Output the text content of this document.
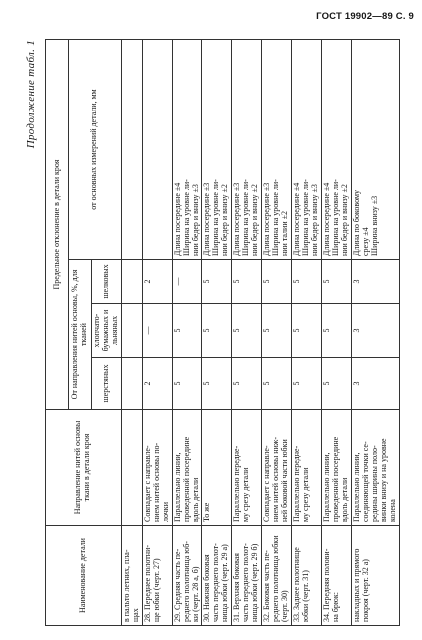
ГОСТ 19902—89 С. 9
Продолжение табл. 1
Наименование детали	Направление нитей основы ткани в детали кроя	Предельное отклонение в детали кроя			
		От направления нитей основы, %, для тканей			от основных измерений детали, мм
		шерстяных	хлопчато-бумажных и льняных	шелковых	
в пальто летних, пла-
щах					
28. Переднее полотни-
ще юбки (черт. 27)	Совпадает с направле-
нием нитей основы по-
лочки	2	—	2	
29. Средняя часть пе-
реднего полотнища юб-
ки (черт. 28 а, б)	Параллельно линии,
проведенной посередине
вдоль детали	5	5	—	Длина посередине ±4
Ширина на уровне ли-
нии бедер и внизу ±3
30. Нижняя боковая
часть переднего полот-
нища юбки (черт. 29 а)	То же	5	5	5	Длина посередине ±3
Ширина на уровне ли-
нии бедер и внизу ±2
31. Верхняя боковая
часть переднего полот-
нища юбки (черт. 29 б)	Параллельно передне-
му срезу детали	5	5	5	Длина посередине ±3
Ширина на уровне ли-
нии бедер и внизу ±2
32. Боковая часть пе-
реднего полотнища юбки
(черт. 30)	Совпадает с направле-
нием нитей основы ниж-
ней боковой части юбки	5	5	5	Длина посередине ±3
Ширина на уровне ли-
нии талии ±2
33. Заднее полотнище
юбки (черт. 31)	Параллельно передне-
му срезу детали	5	5	5	Длина посередине ±4
Ширина на уровне ли-
нии бедер и внизу ±3
34. Передняя полови-
на брюк:	Параллельно линии,
проведенной посередине
вдоль детали	5	5	5	Длина посередине ±4
Ширина на уровне ли-
нии бедер и внизу ±2
накладных и прямого
покроя (черт. 32 а)	Параллельно линии,
соединяющей точки се-
редины ширины поло-
винки внизу и на уровне
колена	3	3	3	Длина по боковому
срезу ±4
Ширина внизу ±3
